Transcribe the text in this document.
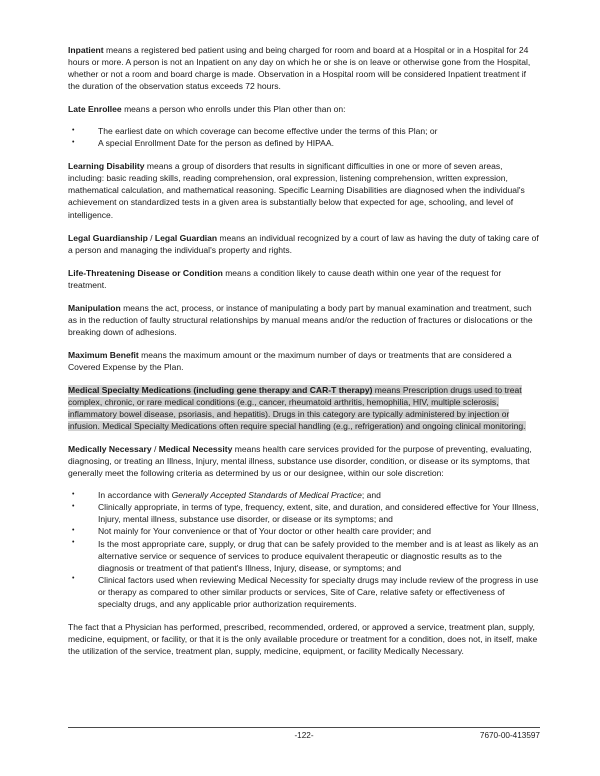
Inpatient means a registered bed patient using and being charged for room and board at a Hospital or in a Hospital for 24 hours or more. A person is not an Inpatient on any day on which he or she is on leave or otherwise gone from the Hospital, whether or not a room and board charge is made. Observation in a Hospital room will be considered Inpatient treatment if the duration of the observation status exceeds 72 hours.

Late Enrollee means a person who enrolls under this Plan other than on:

• The earliest date on which coverage can become effective under the terms of this Plan; or
• A special Enrollment Date for the person as defined by HIPAA.

Learning Disability means a group of disorders that results in significant difficulties in one or more of seven areas, including: basic reading skills, reading comprehension, oral expression, listening comprehension, written expression, mathematical calculation, and mathematical reasoning. Specific Learning Disabilities are diagnosed when the individual's achievement on standardized tests in a given area is substantially below that expected for age, schooling, and level of intelligence.

Legal Guardianship / Legal Guardian means an individual recognized by a court of law as having the duty of taking care of a person and managing the individual's property and rights.

Life-Threatening Disease or Condition means a condition likely to cause death within one year of the request for treatment.

Manipulation means the act, process, or instance of manipulating a body part by manual examination and treatment, such as in the reduction of faulty structural relationships by manual means and/or the reduction of fractures or dislocations or the breaking down of adhesions.

Maximum Benefit means the maximum amount or the maximum number of days or treatments that are considered a Covered Expense by the Plan.

Medical Specialty Medications (including gene therapy and CAR-T therapy) means Prescription drugs used to treat complex, chronic, or rare medical conditions (e.g., cancer, rheumatoid arthritis, hemophilia, HIV, multiple sclerosis, inflammatory bowel disease, psoriasis, and hepatitis). Drugs in this category are typically administered by injection or infusion. Medical Specialty Medications often require special handling (e.g., refrigeration) and ongoing clinical monitoring.

Medically Necessary / Medical Necessity means health care services provided for the purpose of preventing, evaluating, diagnosing, or treating an Illness, Injury, mental illness, substance use disorder, condition, or disease or its symptoms, that generally meet the following criteria as determined by us or our designee, within our sole discretion:

• In accordance with Generally Accepted Standards of Medical Practice; and
• Clinically appropriate, in terms of type, frequency, extent, site, and duration, and considered effective for Your Illness, Injury, mental illness, substance use disorder, or disease or its symptoms; and
• Not mainly for Your convenience or that of Your doctor or other health care provider; and
• Is the most appropriate care, supply, or drug that can be safely provided to the member and is at least as likely as an alternative service or sequence of services to produce equivalent therapeutic or diagnostic results as to the diagnosis or treatment of that patient's Illness, Injury, disease, or symptoms; and
• Clinical factors used when reviewing Medical Necessity for specialty drugs may include review of the progress in use or therapy as compared to other similar products or services, Site of Care, relative safety or effectiveness of specialty drugs, and any applicable prior authorization requirements.

The fact that a Physician has performed, prescribed, recommended, ordered, or approved a service, treatment plan, supply, medicine, equipment, or facility, or that it is the only available procedure or treatment for a condition, does not, in itself, make the utilization of the service, treatment plan, supply, medicine, equipment, or facility Medically Necessary.

-122-	7670-00-413597
